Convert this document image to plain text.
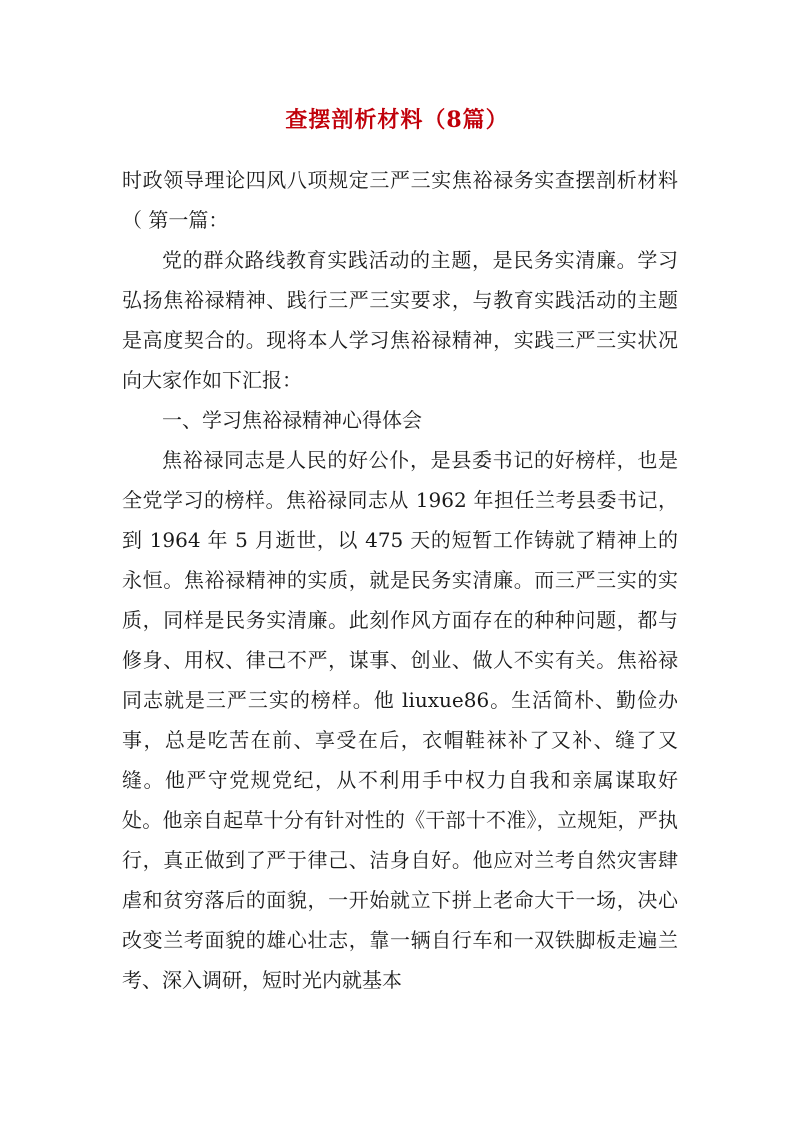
查摆剖析材料（8篇）

时政领导理论四风八项规定三严三实焦裕禄务实查摆剖析材料（ 第一篇：

党的群众路线教育实践活动的主题，是民务实清廉。学习弘扬焦裕禄精神、践行三严三实要求，与教育实践活动的主题是高度契合的。现将本人学习焦裕禄精神，实践三严三实状况向大家作如下汇报：

一、学习焦裕禄精神心得体会

焦裕禄同志是人民的好公仆，是县委书记的好榜样，也是全党学习的榜样。焦裕禄同志从 1962 年担任兰考县委书记，到 1964 年 5 月逝世，以 475 天的短暂工作铸就了精神上的永恒。焦裕禄精神的实质，就是民务实清廉。而三严三实的实质，同样是民务实清廉。此刻作风方面存在的种种问题，都与修身、用权、律己不严，谋事、创业、做人不实有关。焦裕禄同志就是三严三实的榜样。他 liuxue86。生活简朴、勤俭办事，总是吃苦在前、享受在后，衣帽鞋袜补了又补、缝了又缝。他严守党规党纪，从不利用手中权力自我和亲属谋取好处。他亲自起草十分有针对性的《干部十不准》，立规矩，严执行，真正做到了严于律己、洁身自好。他应对兰考自然灾害肆虐和贫穷落后的面貌，一开始就立下拼上老命大干一场，决心改变兰考面貌的雄心壮志，靠一辆自行车和一双铁脚板走遍兰考、深入调研，短时光内就基本
